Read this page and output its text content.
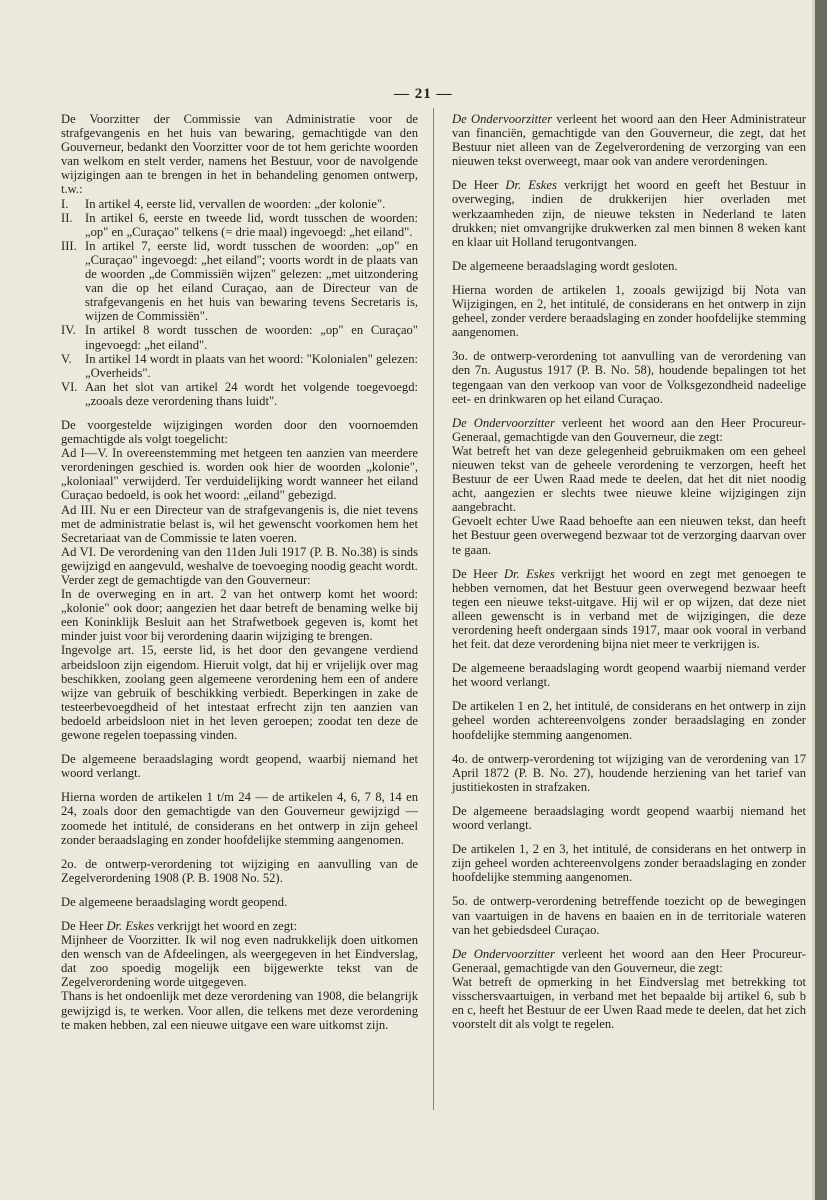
— 21 —

De Voorzitter der Commissie van Administratie voor de strafgevangenis en het huis van bewaring, gemachtigde van den Gouverneur, bedankt den Voorzitter voor de tot hem gerichte woorden van welkom en stelt verder, namens het Bestuur, voor de navolgende wijzigingen aan te brengen in het in behandeling genomen ontwerp, t.w.:

I.	In artikel 4, eerste lid, vervallen de woorden: „der kolonie".
II. In artikel 6, eerste en tweede lid, wordt tusschen de woorden: „op" en „Curaçao" telkens (= drie maal) ingevoegd: „het eiland".
III. In artikel 7, eerste lid, wordt tusschen de woorden: „op" en „Curaçao" ingevoegd: „het eiland"; voorts wordt in de plaats van de woorden „de Commissiën wijzen" gelezen: „met uitzondering van die op het eiland Curaçao, aan de Directeur van de strafgevangenis en het huis van bewaring tevens Secretaris is, wijzen de Commissiën".
IV. In artikel 8 wordt tusschen de woorden: „op" en Curaçao" ingevoegd: „het eiland".
V.	In artikel 14 wordt in plaats van het woord: "Kolonialen" gelezen: „Overheids".
VI. Aan het slot van artikel 24 wordt het volgende toegevoegd: „zooals deze verordening thans luidt".

De voorgestelde wijzigingen worden door den voornoemden gemachtigde als volgt toegelicht:

Ad I—V. In overeenstemming met hetgeen ten aanzien van meerdere verordeningen geschied is. worden ook hier de woorden „kolonie", „koloniaal" verwijderd. Ter verduidelijking wordt wanneer het eiland Curaçao bedoeld, is ook het woord: „eiland" gebezigd.

Ad III. Nu er een Directeur van de strafgevangenis is, die niet tevens met de administratie belast is, wil het gewenscht voorkomen hem het Secretariaat van de Commissie te laten voeren.

Ad VI. De verordening van den 11den Juli 1917 (P. B. No.38) is sinds gewijzigd en aangevuld, weshalve de toevoeging noodig geacht wordt.

Verder zegt de gemachtigde van den Gouverneur:

In de overweging en in art. 2 van het ontwerp komt het woord: „kolonie" ook door; aangezien het daar betreft de benaming welke bij een Koninklijk Besluit aan het Strafwetboek gegeven is, komt het minder juist voor bij verordening daarin wijziging te brengen.

Ingevolge art. 15, eerste lid, is het door den gevangene verdiend arbeidsloon zijn eigendom. Hieruit volgt, dat hij er vrijelijk over mag beschikken, zoolang geen algemeene verordening hem een of andere wijze van gebruik of beschikking verbiedt. Beperkingen in zake de testeerbevoegdheid of het intestaat erfrecht zijn ten aanzien van bedoeld arbeidsloon niet in het leven geroepen; zoodat ten deze de gewone regelen toepassing vinden.

De algemeene beraadslaging wordt geopend, waarbij niemand het woord verlangt.

Hierna worden de artikelen 1 t/m 24 — de artikelen 4, 6, 7 8, 14 en 24, zoals door den gemachtigde van den Gouverneur gewijzigd — zoomede het intitulé, de considerans en het ontwerp in zijn geheel zonder beraadslaging en zonder hoofdelijke stemming aangenomen.

2o. de ontwerp-verordening tot wijziging en aanvulling van de Zegelverordening 1908 (P. B. 1908 No. 52).

De algemeene beraadslaging wordt geopend.

De Heer Dr. Eskes verkrijgt het woord en zegt:

Mijnheer de Voorzitter. Ik wil nog even nadrukkelijk doen uitkomen den wensch van de Afdeelingen, als weergegeven in het Eindverslag, dat zoo spoedig mogelijk een bijgewerkte tekst van de Zegelverordening worde uitgegeven.

Thans is het ondoenlijk met deze verordening van 1908, die belangrijk gewijzigd is, te werken. Voor allen, die telkens met deze verordening te maken hebben, zal een nieuwe uitgave een ware uitkomst zijn.

De Ondervoorzitter verleent het woord aan den Heer Administrateur van financiën, gemachtigde van den Gouverneur, die zegt, dat het Bestuur niet alleen van de Zegelverordening de verzorging van een nieuwen tekst overweegt, maar ook van andere verordeningen.

De Heer Dr. Eskes verkrijgt het woord en geeft het Bestuur in overweging, indien de drukkerijen hier overladen met werkzaamheden zijn, de nieuwe teksten in Nederland te laten drukken; niet omvangrijke drukwerken zal men binnen 8 weken kant en klaar uit Holland terugontvangen.

De algemeene beraadslaging wordt gesloten.

Hierna worden de artikelen 1, zooals gewijzigd bij Nota van Wijzigingen, en 2, het intitulé, de considerans en het ontwerp in zijn geheel, zonder verdere beraadslaging en zonder hoofdelijke stemming aangenomen.

3o. de ontwerp-verordening tot aanvulling van de verordening van den 7n. Augustus 1917 (P. B. No. 58), houdende bepalingen tot het tegengaan van den verkoop van voor de Volksgezondheid nadeelige eet- en drinkwaren op het eiland Curaçao.

De Ondervoorzitter verleent het woord aan den Heer Procureur-Generaal, gemachtigde van den Gouverneur, die zegt:

Wat betreft het van deze gelegenheid gebruikmaken om een geheel nieuwen tekst van de geheele verordening te verzorgen, heeft het Bestuur de eer Uwen Raad mede te deelen, dat het dit niet noodig acht, aangezien er slechts twee nieuwe kleine wijzigingen zijn aangebracht.

Gevoelt echter Uwe Raad behoefte aan een nieuwen tekst, dan heeft het Bestuur geen overwegend bezwaar tot de verzorging daarvan over te gaan.

De Heer Dr. Eskes verkrijgt het woord en zegt met genoegen te hebben vernomen, dat het Bestuur geen overwegend bezwaar heeft tegen een nieuwe tekst-uitgave. Hij wil er op wijzen, dat deze niet alleen gewenscht is in verband met de wijzigingen, die deze verordening heeft ondergaan sinds 1917, maar ook vooral in verband het feit. dat deze verordening bijna niet meer te verkrijgen is.

De algemeene beraadslaging wordt geopend waarbij niemand verder het woord verlangt.

De artikelen 1 en 2, het intitulé, de considerans en het ontwerp in zijn geheel worden achtereenvolgens zonder beraadslaging en zonder hoofdelijke stemming aangenomen.

4o. de ontwerp-verordening tot wijziging van de verordening van 17 April 1872 (P. B. No. 27), houdende herziening van het tarief van justitiekosten in strafzaken.

De algemeene beraadslaging wordt geopend waarbij niemand het woord verlangt.

De artikelen 1, 2 en 3, het intitulé, de considerans en het ontwerp in zijn geheel worden achtereenvolgens zonder beraadslaging en zonder hoofdelijke stemming aangenomen.

5o. de ontwerp-verordening betreffende toezicht op de bewegingen van vaartuigen in de havens en baaien en in de territoriale wateren van het gebiedsdeel Curaçao.

De Ondervoorzitter verleent het woord aan den Heer Procureur-Generaal, gemachtigde van den Gouverneur, die zegt:

Wat betreft de opmerking in het Eindverslag met betrekking tot visschersvaartuigen, in verband met het bepaalde bij artikel 6, sub b en c, heeft het Bestuur de eer Uwen Raad mede te deelen, dat het zich voorstelt dit als volgt te regelen.
